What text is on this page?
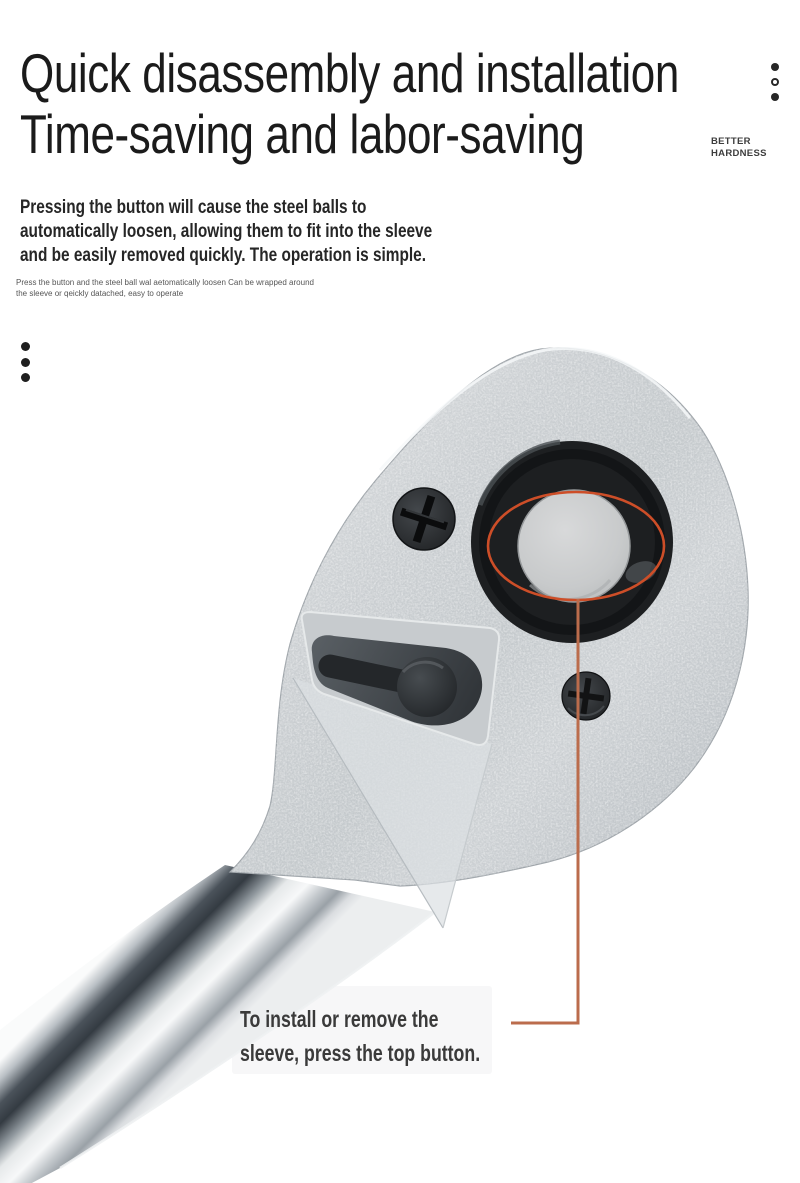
Quick disassembly and installation
Time-saving and labor-saving	BETTER
HARDNESS
Pressing the button will cause the steel balls to
automatically loosen, allowing them to fit into the sleeve
and be easily removed quickly. The operation is simple.
Press the button and the steel ball wal aetomatically loosen Can be wrapped around
the sleeve or qeickly datached, easy to operate
To install or remove the
sleeve, press the top button.
